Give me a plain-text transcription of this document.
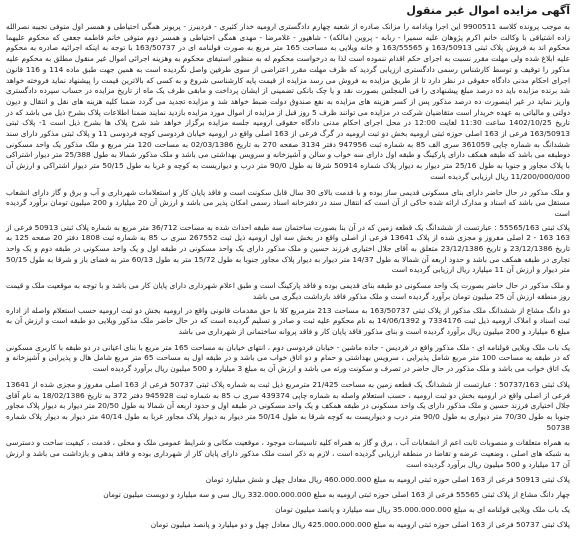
آگهی مزایده اموال غیر منقول

به موجب پرونده کلاسه 9900511 این اجرا وبادامه را مزانک صادره از شعبه چهارم دادگستری ارومیه خدار کثیری - فردیبرز - پریونر همگی احتیاطی و همسر اول متوفی نجیبه نصرالله زاده اشتیاقی با وکالت خانم اکرم پژوهان علیه سمیرا - ربابه - پروین (مالکه) - شاهپور - غلامرضا - مهدی همگی احتیاطی و همسر دوم متوفی خانم فاطمه جعفی که محکوم علیهما محکوم اند به فروش پلاک ثبتی 163/50913 و 163/55565 و خانه ویلایی به مساحت 165 متر مربع به صورت قولنامه ای در 163/50737 با توجه به اینکه اجرائیه صادره به محکوم علیه ابلاغ شده ولی مهلت مقرر نسبت به اجرای حکم اقدام ننموده است لذا به درخواست محکوم له به منظور استیفای محکوم به وهزینه اجرائی اموال غیر منقول مطلق به محکوم علیه مذکور را توقیف و توسط کارشناس رسمی دادگستری ارزیابی گردید که ظرف مهلت مقرر اعتراضی از سوی طرفین واصل نگردیده است به همین جهت طبق ماده 114 و 116 قانون اجرای احکام مدنی دادگاه حقوقی در نظر دارد تا از طریق مزایده به فروش می رسد مزایده از قیمت پایه کارشناسی شروع و به کسی که بالاترین قیمت را پیشنهاد نماید فروخته خواهد شد برنده مزایده باید ده درصد مبلغ پیشنهادی را فی المجلس بصورت نقد و یا چک بانکی تضمینی از ایشان پرداخت و مابقی ظرف یک ماه از تاریخ مزایده در حساب سپرده دادگستری واریز نماید در غیر اینصورت ده درصد مذکور پس از کسر هزینه های مزایده به نفع صندوق دولت ضبط خواهد شد و مزایده تجدید می گردد ضمنا کلیه هزینه های نقل و انتقال و دیون دولتی و مالیاتی به عهده خریدار است متقاضیان شرکت در مزایده می توانند ظرف 5 روز قبل از مزایده از اموال مورد مزایده بازدید نمایند ضمنا اطلاعات پلاک بشرح ذیل می باشد که در تاریخ 1402/10/25 ساعت 11:30 لغایت 12:00 در محل اجرای احکام مدنی دادگاه حقوقی ارومیه جلسه مزایده برگزار خواهد شد شرح پلاک ها بشرح ذیل است 1- پلاک ثبتی 163/50913 فرعی از 163 اصلی حوزه ثبتی ارومیه بخش دو ثبت ارومیه در گرگ فرعی از 163 اصلی واقع در ارومیه خیابان فردوسی کوچه فردوسی 11 و پلاک ثبتی مذکور دارای سند ششدانگ به شماره چاپی 361059 سری الف 85 به شماره ثبت 947956 دفتر 3134 صفحه 270 به تاریخ 02/03/1386 به مساحت 120 متر مربع و ملک مذکور یک واحد مسکونی دوطبقه می باشد که طبقه همکف دارای پارکینگ و طبقه اول دارای سه خواب و سالن و آشپزخانه و سرویس بهداشتی می باشد و ملک مذکور شمالا به طول 25/388 متر دیوار اشتراکی با پلاک مجاور و جنوبا به طول 25/16 متر دیوار به دیوار پلاک شماره 50914 شرقا به طول 90/0 متر درب و دیواریست به کوچه و غربا به طول 50/15 متر دیوار اشتراکی و ارزش آن 11/200/000/000 ریال ارزیابی گردیده است

و ملک مذکور در حال حاضر دارای بنای مسکونی قدیمی ساز بوده و با قدمت بالای 30 سال قابل سکونت است و فاقد پایان کار و استعلامات شهرداری و آب و برق و گاز دارای انشعاب مستقل می باشد که اسناد و مدارک ارائه شده حاکی از آن است که انتقال سند در دفترخانه اسناد رسمی امکان پذیر می باشد و ارزش آن 20 میلیارد و 200 میلیون تومان برآورد گردیده است

پلاک ثبتی 55565/163 : عبارتست از ششدانگ یک قطعه زمین که در آن بنا بصورت ساختمان سه طبقه احداث شده به مساحت 36/712 متر مربع به شماره پلاک ثبتی 50913 فرعی از 163 163 - 2 اصلی مفروز و مجزی شده از پلاک 13641 فرعی از اصلی واقع در بخش سه اول ارومیه ذیل ثبت 267552 سری ب 85 به شماره ثبت 1808 دفتر 20 صفحه 125 به تاریخ 23/12/1386 و تاریخ 23/12/1386 متعلق به آقای جلال اختیاری فرزند حسین و ملک مذکور دارای یک واحد مسکونی در طبقه اول و یک واحد مسکونی در طبقه دوم و یک واحد تجاری در طبقه همکف می باشد و حدود اربعه آن شمالا به طول 14/37 متر دیوار به دیوار پلاک مجاور جنوبا به طول 15/72 متر به طول 60/13 متر به فضای باز و شرقا به طول 50/15 متر دیوار و ارزش آن 11 میلیارد ریال ارزیابی گردیده است

و ملک مذکور در حال حاضر بصورت یک واحد مسکونی دو طبقه بنای قدیمی بوده و فاقد پارکینگ است و طبق اعلام شهرداری دارای پایان کار می باشد و با توجه به موقعیت ملک و قیمت روز منطقه ارزش آن 25 میلیون تومان برآورد گردیده است و ملک مذکور فاقد بازداشت دیگری می باشد

دو دانگ مشاع از ششدانگ ملک مذکور از پلاک ثبتی 163/50737 به مساحت 213 مترمربع کلا با حق مقدمات قانونی واقع در ارومیه بخش دو ثبت ارومیه حسب استعلام واصله از اداره ثبت اسناد و املاک ارومیه ذیل ثبت 7334176 و 14/06/1392 به نام محکوم علیه ثبت و صادر و تسلیم گردیده است که در حال حاضر ملک مذکور ویلایی دو طبقه است و ارزش آن به مبلغ 6 میلیارد و 200 میلیون ریال برآورد گردیده است و بنای مذکور فاقد پایان کار و فاقد پروانه ساختمانی از شهرداری می باشد

یک باب ملک ویلایی قولنامه ای - ملک مذکور واقع در فردیس - جاده ماشین - خیابان فردوسی دوم ، انتهای خیابان به مساحت 165 متر مربع با بنای اعیانی در دو طبقه با کاربری مسکونی که در طبقه به مساحت 100 متر مربع شامل پذیرایی ، سرویس بهداشتی و حمام و دو اتاق خواب می باشد و در طبقه اول به مساحت 65 متر مربع شامل هال و پذیرایی و آشپزخانه و یک اتاق خواب می باشد و ملک مذکور در حال حاضر در تصرف و سکونت ورثه می باشد و ارزش آن به مبلغ 3 میلیارد و 500 میلیون ریال برآورد گردیده است

پلاک ثبتی 50737/163 : عبارتست از ششدانگ یک قطعه زمین به مساحت 21/425 مترمربع ذیل ثبت به شماره پلاک ثبتی 50737 فرعی از 163 اصلی مفروز و مجزی شده از 13641 فرعی از اصلی واقع در ارومیه بخش دو ثبت ارومیه ، حسب استعلام واصله به شماره چاپی 439374 سری ب 85 به شماره ثبت 945928 دفتر 372 به تاریخ 18/02/1386 به نام آقای جلال اختیاری فرزند حسین و ملک مذکور دارای یک واحد مسکونی در طبقه همکف و یک واحد مسکونی در طبقه اول و حدود اربعه آن شمالا به طول 20/50 متر دیوار به دیوار پلاک مجاور جنوبا به طول 70/30 متر دیواری به طول 90/0 متر درب و دیواریست به کوچه شرقا به طول 50/14 متر دیوار به دیوار پلاک مجاور غربا به طول 40/14 متر دیوار به دیوار پلاک شماره 50738

به همراه متعلقات و منصوبات ثابت اعم از انشعابات آب ، برق و گاز به همراه کلیه تاسیسات موجود ، موقعیت مکانی و شرایط عمومی ملک و محلی ، قدمت ، کیفیت ساخت و دسترسی به شبکه های اصلی ، وضعیت عرضه و تقاضا در منطقه ارزیابی گردیده است ، لازم به ذکر است ملک مذکور دارای پایان کار از شهرداری بوده و فاقد بدهی و بازداشت می باشد و ارزش آن 17 میلیارد و 500 میلیون ریال برآورد گردیده است

پلاک ثبتی 50913 فرعی از 163 اصلی حوزه ثبتی ارومیه به مبلغ 460.000.000 ریال معادل چهل و شش میلیارد تومان
چهار دانگ مشاع از پلاک ثبتی 55565 فرعی از 163 اصلی حوزه ثبتی ارومیه به مبلغ 332.000.000.000 ریال سی و سه میلیارد و دویست میلیون تومان
یک باب ملک ویلایی قولنامه ای به مبلغ 35.000.000.000 ریال سه میلیارد و پانصد میلیون تومان
پلاک ثبتی 50737 فرعی از 163 اصلی حوزه ثبتی ارومیه به مبلغ 425.000.000.000 ریال معادل چهل و دو میلیارد و پانصد میلیون تومان
